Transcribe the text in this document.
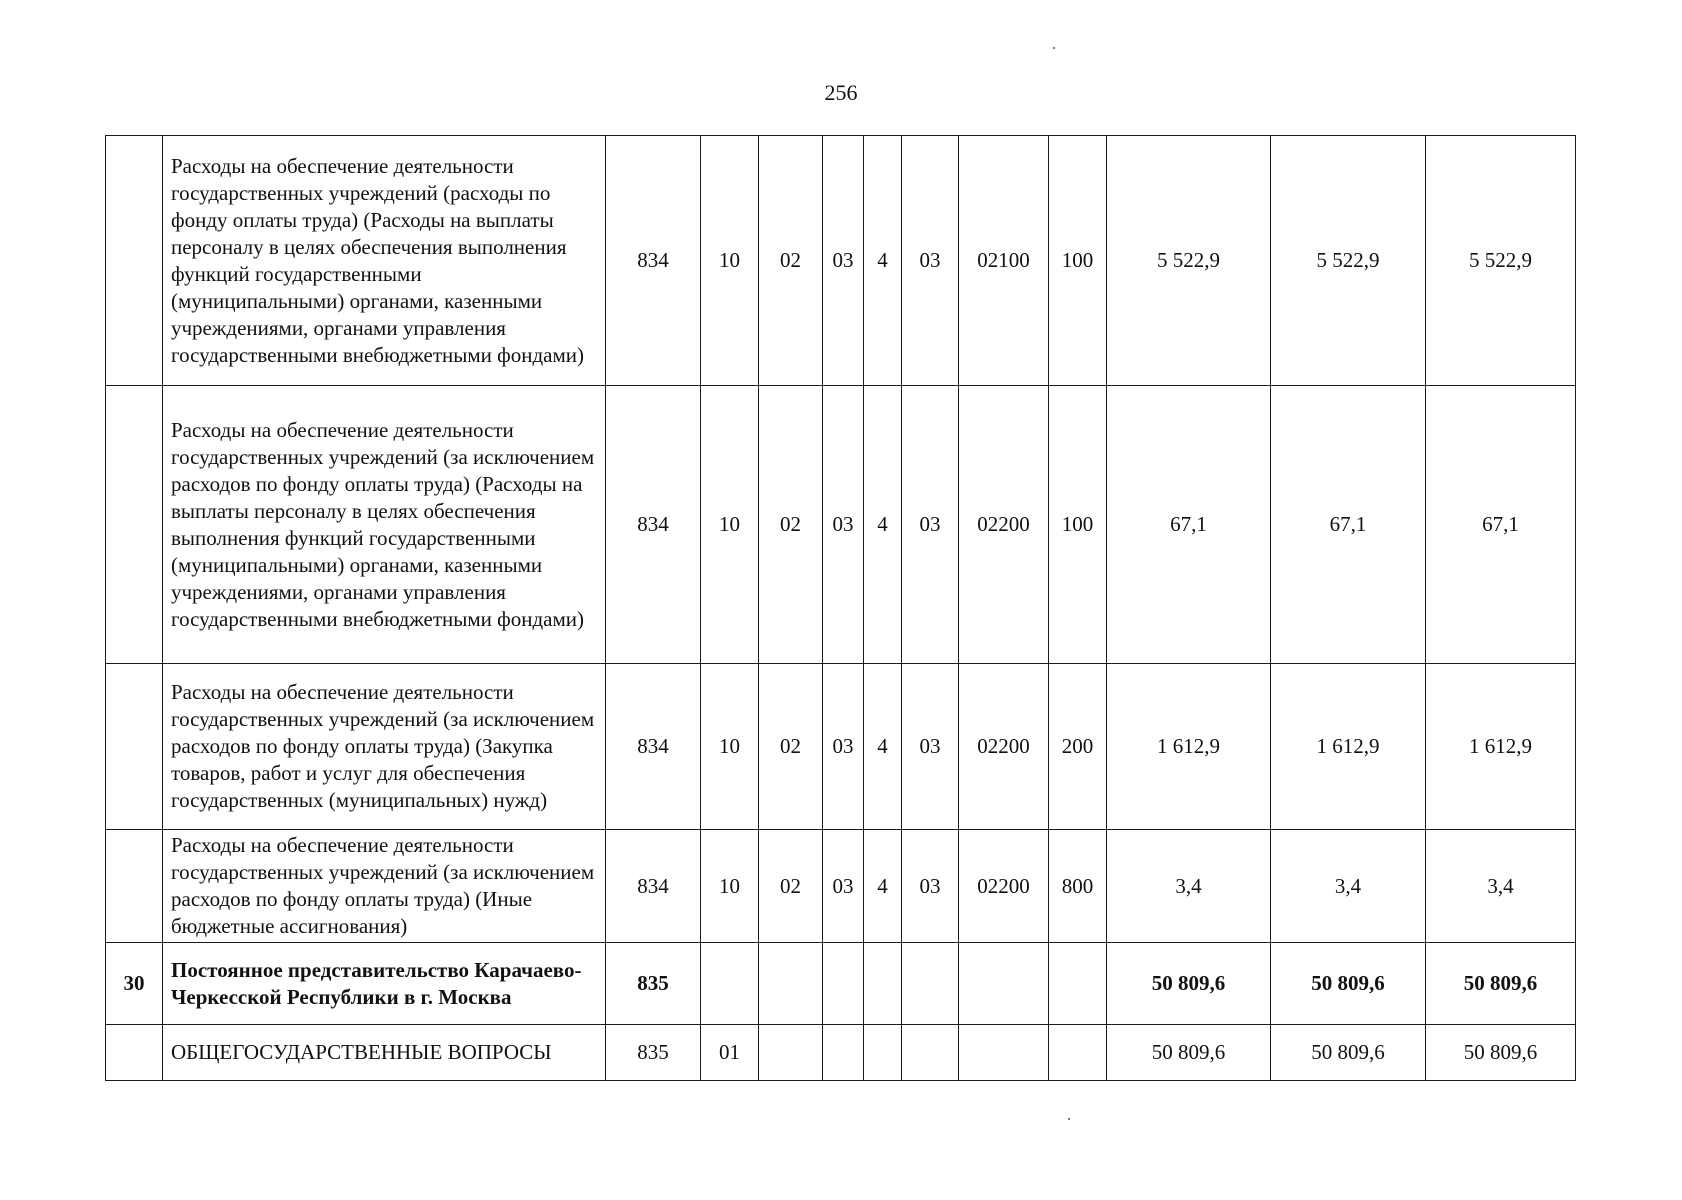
256
	Расходы на обеспечение деятельности государственных учреждений (расходы по фонду оплаты труда) (Расходы на выплаты персоналу в целях обеспечения выполнения функций государственными (муниципальными) органами, казенными учреждениями, органами управления государственными внебюджетными фондами)	834	10	02	03	4	03	02100	100	5 522,9	5 522,9	5 522,9
	Расходы на обеспечение деятельности государственных учреждений (за исключением расходов по фонду оплаты труда) (Расходы на выплаты персоналу в целях обеспечения выполнения функций государственными (муниципальными) органами, казенными учреждениями, органами управления государственными внебюджетными фондами)	834	10	02	03	4	03	02200	100	67,1	67,1	67,1
	Расходы на обеспечение деятельности государственных учреждений (за исключением расходов по фонду оплаты труда) (Закупка товаров, работ и услуг для обеспечения государственных (муниципальных) нужд)	834	10	02	03	4	03	02200	200	1 612,9	1 612,9	1 612,9
	Расходы на обеспечение деятельности государственных учреждений (за исключением расходов по фонду оплаты труда) (Иные бюджетные ассигнования)	834	10	02	03	4	03	02200	800	3,4	3,4	3,4
30	Постоянное представительство Карачаево-Черкесской Республики в г. Москва	835								50 809,6	50 809,6	50 809,6
	ОБЩЕГОСУДАРСТВЕННЫЕ ВОПРОСЫ	835	01							50 809,6	50 809,6	50 809,6
